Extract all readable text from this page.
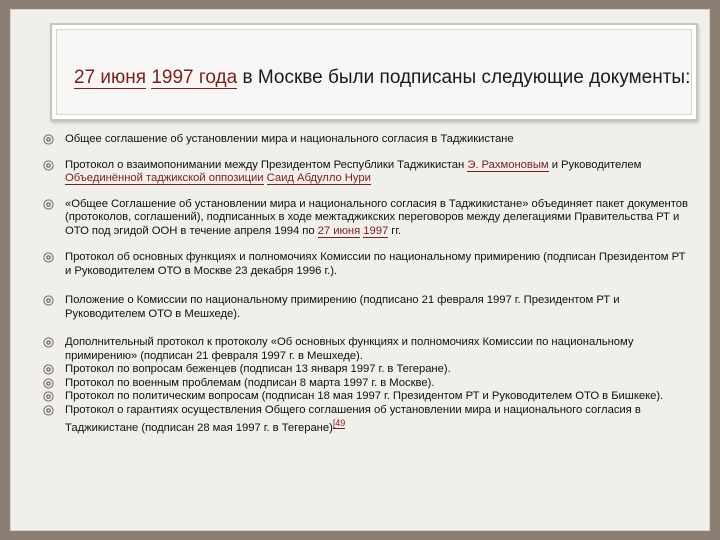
27 июня 1997 года в Москве были подписаны следующие документы:
Общее соглашение об установлении мира и национального согласия в Таджикистане
Протокол о взаимопонимании между Президентом Республики Таджикистан Э. Рахмоновым и Руководителем Объединённой таджикской оппозиции Саид Абдулло Нури
«Общее Соглашение об установлении мира и национального согласия в Таджикистане» объединяет пакет документов (протоколов, соглашений), подписанных в ходе межтаджикских переговоров между делегациями Правительства РТ и ОТО под эгидой ООН в течение апреля 1994 по 27 июня 1997 гг.
Протокол об основных функциях и полномочиях Комиссии по национальному примирению (подписан Президентом РТ и Руководителем ОТО в Москве 23 декабря 1996 г.).
Положение о Комиссии по национальному примирению (подписано 21 февраля 1997 г. Президентом РТ и Руководителем ОТО в Мешхеде).
Дополнительный протокол к протоколу «Об основных функциях и полномочиях Комиссии по национальному примирению» (подписан 21 февраля 1997 г. в Мешхеде).
Протокол по вопросам беженцев (подписан 13 января 1997 г. в Тегеране).
Протокол по военным проблемам (подписан 8 марта 1997 г. в Москве).
Протокол по политическим вопросам (подписан 18 мая 1997 г. Президентом РТ и Руководителем ОТО в Бишкеке).
Протокол о гарантиях осуществления Общего соглашения об установлении мира и национального согласия в Таджикистане (подписан 28 мая 1997 г. в Тегеране)$^{[49}$
